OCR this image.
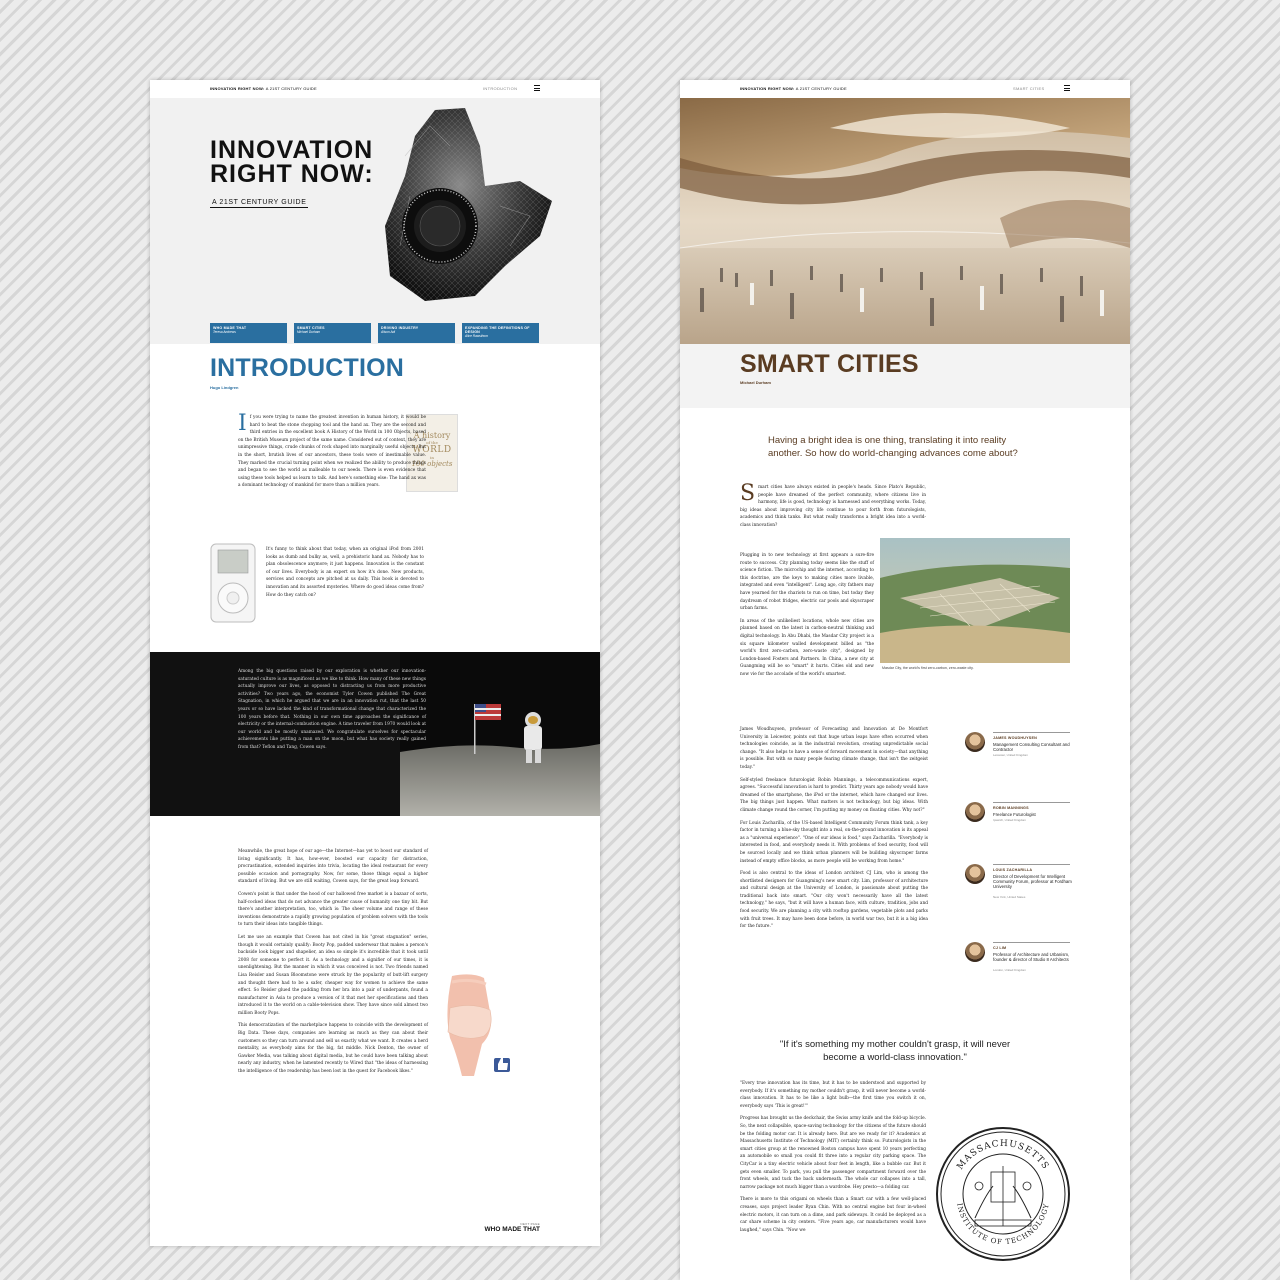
INNOVATION RIGHT NOW: A 21ST CENTURY GUIDE	INTRODUCTION
INNOVATION
RIGHT NOW:
A 21ST CENTURY GUIDE
WHO MADE THAT
Teresa Andrews
SMART CITIES
Michael Durham
DRIVING INDUSTRY
Alison Adi
EXPANDING THE DEFINITIONS OF DESIGN
Alice Rawsthorn
INTRODUCTION
Hugo Lindgren
A history
of the
WORLD
in
100 objects
If you were trying to name the greatest invention in human history, it would be hard to beat the stone chopping tool and the hand ax. They are the second and third entries in the excellent book A History of the World in 100 Objects, based on the British Museum project of the same name. Considered out of context, they are unimpressive things, crude chunks of rock shaped into marginally useful objects. But in the short, brutish lives of our ancestors, these tools were of inestimable value. They marked the crucial turning point when we realized the ability to produce things and began to see the world as malleable to our needs. There is even evidence that using these tools helped us learn to talk. And here's something else: The hand ax was a dominant technology of mankind for more than a million years.
It's funny to think about that today, when an original iPod from 2001 looks as dumb and bulky as, well, a prehistoric hand ax. Nobody has to plan obsolescence anymore; it just happens. Innovation is the constant of our lives. Everybody is an expert on how it's done. New products, services and concepts are pitched at us daily. This book is devoted to innovation and its assorted mysteries. Where do good ideas come from? How do they catch on?
Among the big questions raised by our exploration is whether our innovation-saturated culture is as magnificent as we like to think. How many of these new things actually improve our lives, as opposed to distracting us from more productive activities? Two years ago, the economist Tyler Cowen published The Great Stagnation, in which he argued that we are in an innovation rut, that the last 50 years or so have lacked the kind of transformational change that characterized the 100 years before that. Nothing in our own time approaches the significance of electricity or the internal-combustion engine. A time traveler from 1970 would look at our world and be mostly unamazed. We congratulate ourselves for spectacular achievements like putting a man on the moon, but what has society really gained from that? Teflon and Tang, Cowen says.

Meanwhile, the great hope of our age—the Internet—has yet to boost our standard of living significantly. It has, how-ever, boosted our capacity for distraction, procrastination, extended inquiries into trivia, locating the ideal restaurant for every possible occasion and pornography. Now, for some, those things equal a higher standard of living. But we are still waiting, Cowen says, for the great leap forward.

Cowen's point is that under the hood of our hallowed free market is a bazaar of sorts, half-cocked ideas that do not advance the greater cause of humanity one tiny bit. But there's another interpretation, too, which is: The sheer volume and range of these inventions demonstrate a rapidly growing population of problem solvers with the tools to turn their ideas into tangible things.

Let me use an example that Cowen has not cited in his "great stagnation" series, though it would certainly qualify: Booty Pop, padded underwear that makes a person's backside look bigger and shapelier, an idea so simple it's incredible that it took until 2008 for someone to perfect it. As a technology and a signifier of our times, it is unenlightening. But the manner in which it was conceived is not. Two friends named Lisa Reisler and Susan Bloomstone were struck by the popularity of butt-lift surgery and thought there had to be a safer, cheaper way for women to achieve the same effect. So Reisler glued the padding from her bra into a pair of underpants, found a manufacturer in Asia to produce a version of it that met her specifications and then introduced it to the world on a cable-television show. They have since sold almost two million Booty Pops.

This democratization of the marketplace happens to coincide with the development of Big Data. These days, companies are learning as much as they can about their customers so they can turn around and sell us exactly what we want. It creates a herd mentality, as everybody aims for the big, fat middle. Nick Denton, the owner of Gawker Media, was talking about digital media, but he could have been talking about nearly any industry, when he lamented recently to Wired that "the ideas of harnessing the intelligence of the readership has been lost in the quest for Facebook likes."

NEXT PAGE
WHO MADE THAT
INNOVATION RIGHT NOW: A 21ST CENTURY GUIDE	SMART CITIES
SMART CITIES
Michael Durham
Having a bright idea is one thing, translating it into reality another. So how do world-changing advances come about?
Smart cities have always existed in people's heads. Since Plato's Republic, people have dreamed of the perfect community, where citizens live in harmony, life is good, technology is harnessed and everything works. Today, big ideas about improving city life continue to pour forth from futurologists, academics and think tanks. But what really transforms a bright idea into a world-class innovation?

Plugging in to new technology at first appears a sure-fire route to success. City planning today seems like the stuff of science fiction. The microchip and the internet, according to this doctrine, are the keys to making cities more livable, integrated and even "intelligent". Long ago, city fathers may have yearned for the chariots to run on time, but today they daydream of robot fridges, electric car pools and skyscraper urban farms.

In areas of the unlikeliest locations, whole new cities are planned based on the latest in carbon-neutral thinking and digital technology. In Abu Dhabi, the Masdar City project is a six square kilometer walled development billed as "the world's first zero-carbon, zero-waste city", designed by London-based Fosters and Partners. In China, a new city at Guangming will be so "smart" it hurts. Cities old and new now vie for the accolade of the world's smartest.

Masdar City, the world's first zero-carbon, zero-waste city.

James Woudhuysen, professor of Forecasting and Innovation at De Montfort University in Leicester, points out that huge urban leaps have often occurred when technologies coincide, as in the industrial revolution, creating unpredictable social change. "It also helps to have a sense of forward movement in society—that anything is possible. But with so many people fearing climate change, that isn't the zeitgeist today."

Self-styled freelance futurologist Robin Mannings, a telecommunications expert, agrees. "Successful innovation is hard to predict. Thirty years ago nobody would have dreamed of the smartphone, the iPod or the internet, which have changed our lives. The big things just happen. What matters is not technology, but big ideas. With climate change round the corner, I'm putting my money on floating cities. Why not?"

For Louis Zacharilla, of the US-based Intelligent Community Forum think tank, a key factor in turning a blue-sky thought into a real, on-the-ground innovation is its appeal as a "universal experience". "One of our ideas is food," says Zacharilla. "Everybody is interested in food, and everybody needs it. With problems of food security, food will be sourced locally and we think urban planners will be building skyscraper farms instead of empty office blocks, as more people will be working from home."

Food is also central to the ideas of London architect CJ Lim, who is among the shortlisted designers for Guangming's new smart city. Lim, professor of architecture and cultural design at the University of London, is passionate about putting the traditional back into smart. "Our city won't necessarily have all the latest technology," he says, "but it will have a human face, with culture, tradition, jobs and food security. We are planning a city with rooftop gardens, vegetable plots and parks with fruit trees. It may have been done before, in world war two, but it is a big idea for the future."

JAMES WOUDHUYSEN
Management Consulting Consultant and Contractor
Leicester, United Kingdom
ROBIN MANNINGS
Freelance Futurologist
Ipswich, United Kingdom
LOUIS ZACHARILLA
Director of Development for Intelligent Community Forum, professor at Fordham University
New York, United States
CJ LIM
Professor of Architecture and Urbanism, founder & director of Studio 8 Architects
London, United Kingdom
"If it's something my mother couldn't grasp, it will never become a world-class innovation."

"Every true innovation has its time, but it has to be understood and supported by everybody. If it's something my mother couldn't grasp, it will never become a world-class innovation. It has to be like a light bulb—the first time you switch it on, everybody says 'This is great!'"

Progress has brought us the deckchair, the Swiss army knife and the fold-up bicycle. So, the next collapsible, space-saving technology for the citizens of the future should be the folding motor car. It is already here. But are we ready for it? Academics at Massachusetts Institute of Technology (MIT) certainly think so. Futurologists in the smart cities group at the renowned Boston campus have spent 10 years perfecting an automobile so small you could fit three into a regular city parking space. The CityCar is a tiny electric vehicle about four feet in length, like a bubble car. But it gets even smaller. To park, you pull the passenger compartment forward over the front wheels, and tuck the back underneath. The whole car collapses into a tall, narrow package not much bigger than a wardrobe. Hey presto—a folding car.

There is more to this origami on wheels than a Smart car with a few well-placed creases, says project leader Ryan Chin. With no central engine but four in-wheel electric motors, it can turn on a dime, and park sideways. It could be deployed as a car share scheme in city centers. "Five years ago, car manufacturers would have laughed," says Chin. "Now we

MASSACHUSETTS
INSTITUTE OF TECHNOLOGY
